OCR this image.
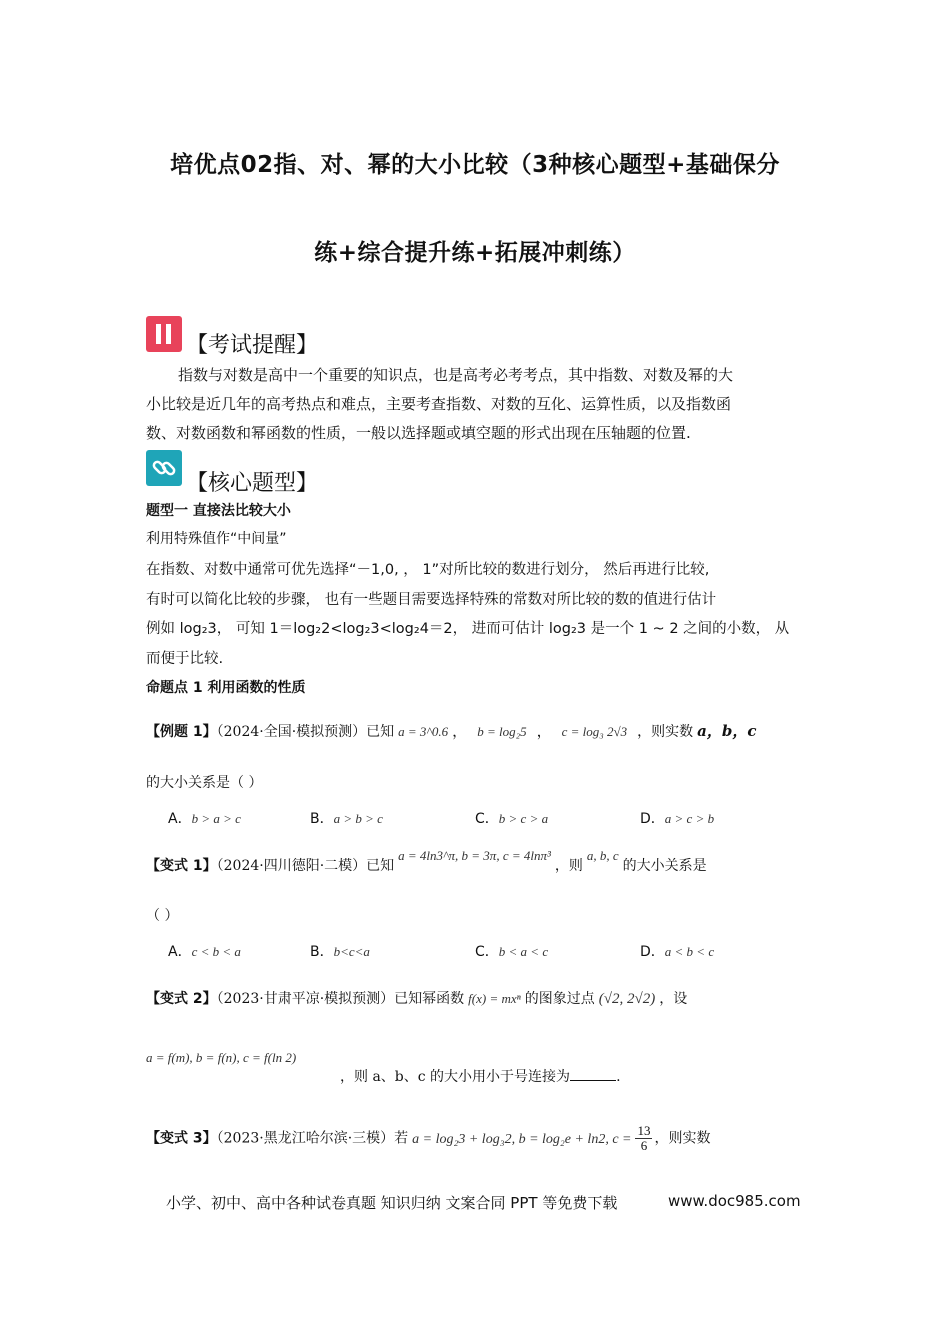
培优点02指、对、幂的大小比较（3种核心题型+基础保分
练+综合提升练+拓展冲刺练）
【考试提醒】
指数与对数是高中一个重要的知识点，也是高考必考考点，其中指数、对数及幂的大
小比较是近几年的高考热点和难点，主要考查指数、对数的互化、运算性质，以及指数函
数、对数函数和幂函数的性质，一般以选择题或填空题的形式出现在压轴题的位置.
【核心题型】
题型一 直接法比较大小
利用特殊值作“中间量”
在指数、对数中通常可优先选择“－1,0, ， 1”对所比较的数进行划分， 然后再进行比较,
有时可以简化比较的步骤， 也有一些题目需要选择特殊的常数对所比较的数的值进行估计
例如 log₂3， 可知 1＝log₂2<log₂3<log₂4＝2， 进而可估计 log₂3 是一个 1 ~ 2 之间的小数， 从
而便于比较.
命题点 1 利用函数的性质
【例题 1】（2024·全国·模拟预测）已知 a = 3^0.6 ， b = log₂5 ， c = log₃ 2√3 ，则实数 a，b，c
的大小关系是（ ）
A．b > a > c	B．a > b > c	C．b > c > a	D．a > c > b
【变式 1】（2024·四川德阳·二模）已知a = 4ln3^π, b = 3π, c = 4lnπ³，则a, b, c的大小关系是
（ ）
A．c < b < a	B．b<c<a	C．b < a < c	D．a < b < c
【变式 2】（2023·甘肃平凉·模拟预测）已知幂函数 f(x) = mxⁿ 的图象过点 (√2, 2√2) ，设
a = f(m), b = f(n), c = f(ln 2)
，则 a、b、c 的大小用小于号连接为	.
【变式 3】（2023·黑龙江哈尔滨·三模）若 a = log₂3 + log₃2, b = log₂e + ln2, $c = \frac{13}{6}$ ，则实数
小学、初中、高中各种试卷真题 知识归纳 文案合同 PPT 等免费下载	www.doc985.com
